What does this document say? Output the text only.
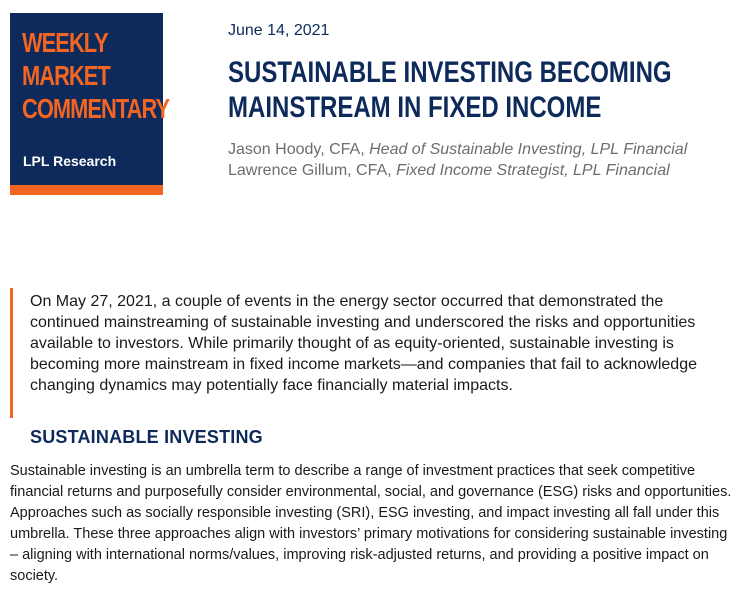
WEEKLY
MARKET
COMMENTARY
LPL Research
June 14, 2021
SUSTAINABLE INVESTING BECOMING
MAINSTREAM IN FIXED INCOME
Jason Hoody, CFA, Head of Sustainable Investing, LPL Financial
Lawrence Gillum, CFA, Fixed Income Strategist, LPL Financial
On May 27, 2021, a couple of events in the energy sector occurred that demonstrated the continued mainstreaming of sustainable investing and underscored the risks and opportunities available to investors. While primarily thought of as equity-oriented, sustainable investing is becoming more mainstream in fixed income markets—and companies that fail to acknowledge changing dynamics may potentially face financially material impacts.
SUSTAINABLE INVESTING
Sustainable investing is an umbrella term to describe a range of investment practices that seek competitive financial returns and purposefully consider environmental, social, and governance (ESG) risks and opportunities. Approaches such as socially responsible investing (SRI), ESG investing, and impact investing all fall under this umbrella. These three approaches align with investors’ primary motivations for considering sustainable investing – aligning with international norms/values, improving risk-adjusted returns, and providing a positive impact on society.
